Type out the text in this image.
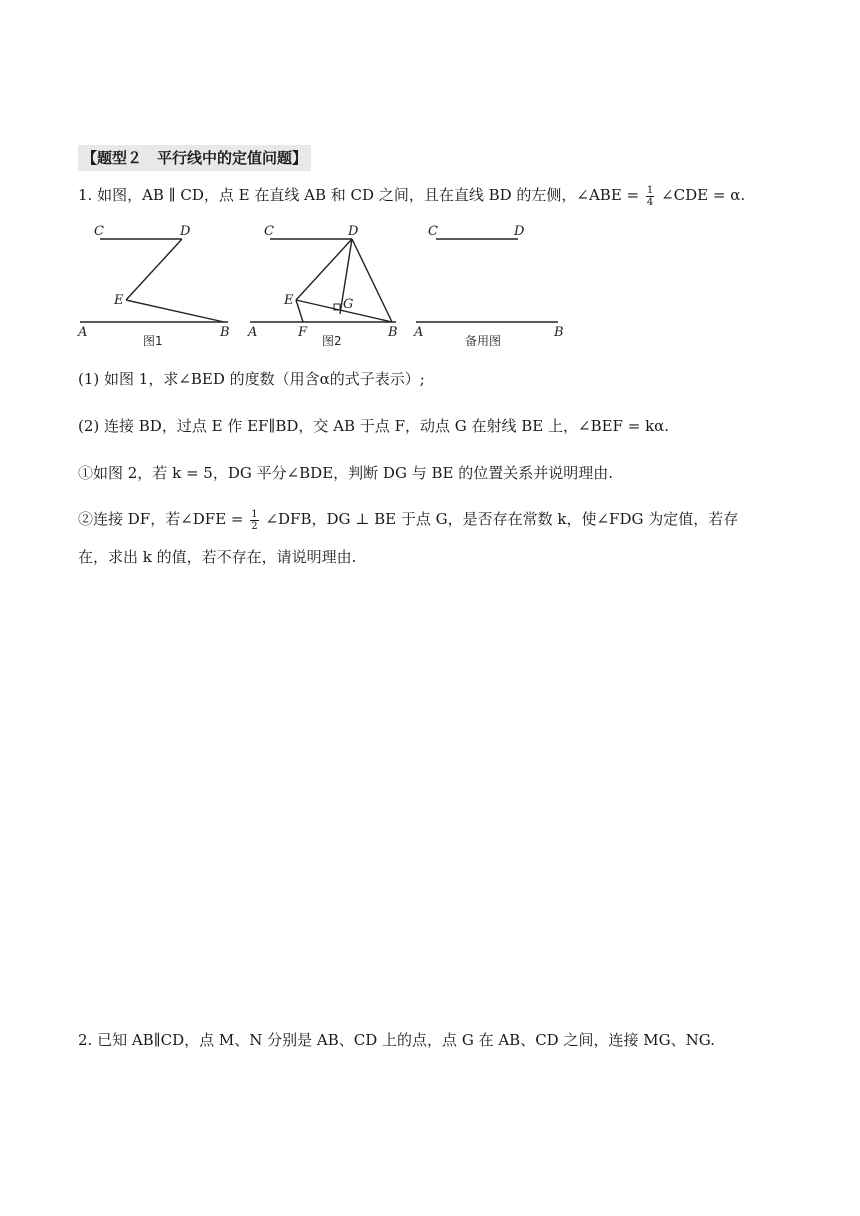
【题型２　平行线中的定值问题】
1. 如图，AB ∥ CD，点 E 在直线 AB 和 CD 之间，且在直线 BD 的左侧，∠ABE = $\frac{1}{4}$ ∠CDE = α.
C	D
E
A	B
C	D
E	G
A	F	B
C	D
A	B
图1	图2	备用图
(1) 如图 1，求∠BED 的度数（用含α的式子表示）;
(2) 连接 BD，过点 E 作 EF∥BD，交 AB 于点 F，动点 G 在射线 BE 上，∠BEF = kα.
①如图 2，若 k = 5，DG 平分∠BDE，判断 DG 与 BE 的位置关系并说明理由.
②连接 DF，若∠DFE = $\frac{1}{2}$ ∠DFB，DG ⊥ BE 于点 G，是否存在常数 k，使∠FDG 为定值，若存
在，求出 k 的值，若不存在，请说明理由.
2. 已知 AB∥CD，点 M、N 分别是 AB、CD 上的点，点 G 在 AB、CD 之间，连接 MG、NG.
